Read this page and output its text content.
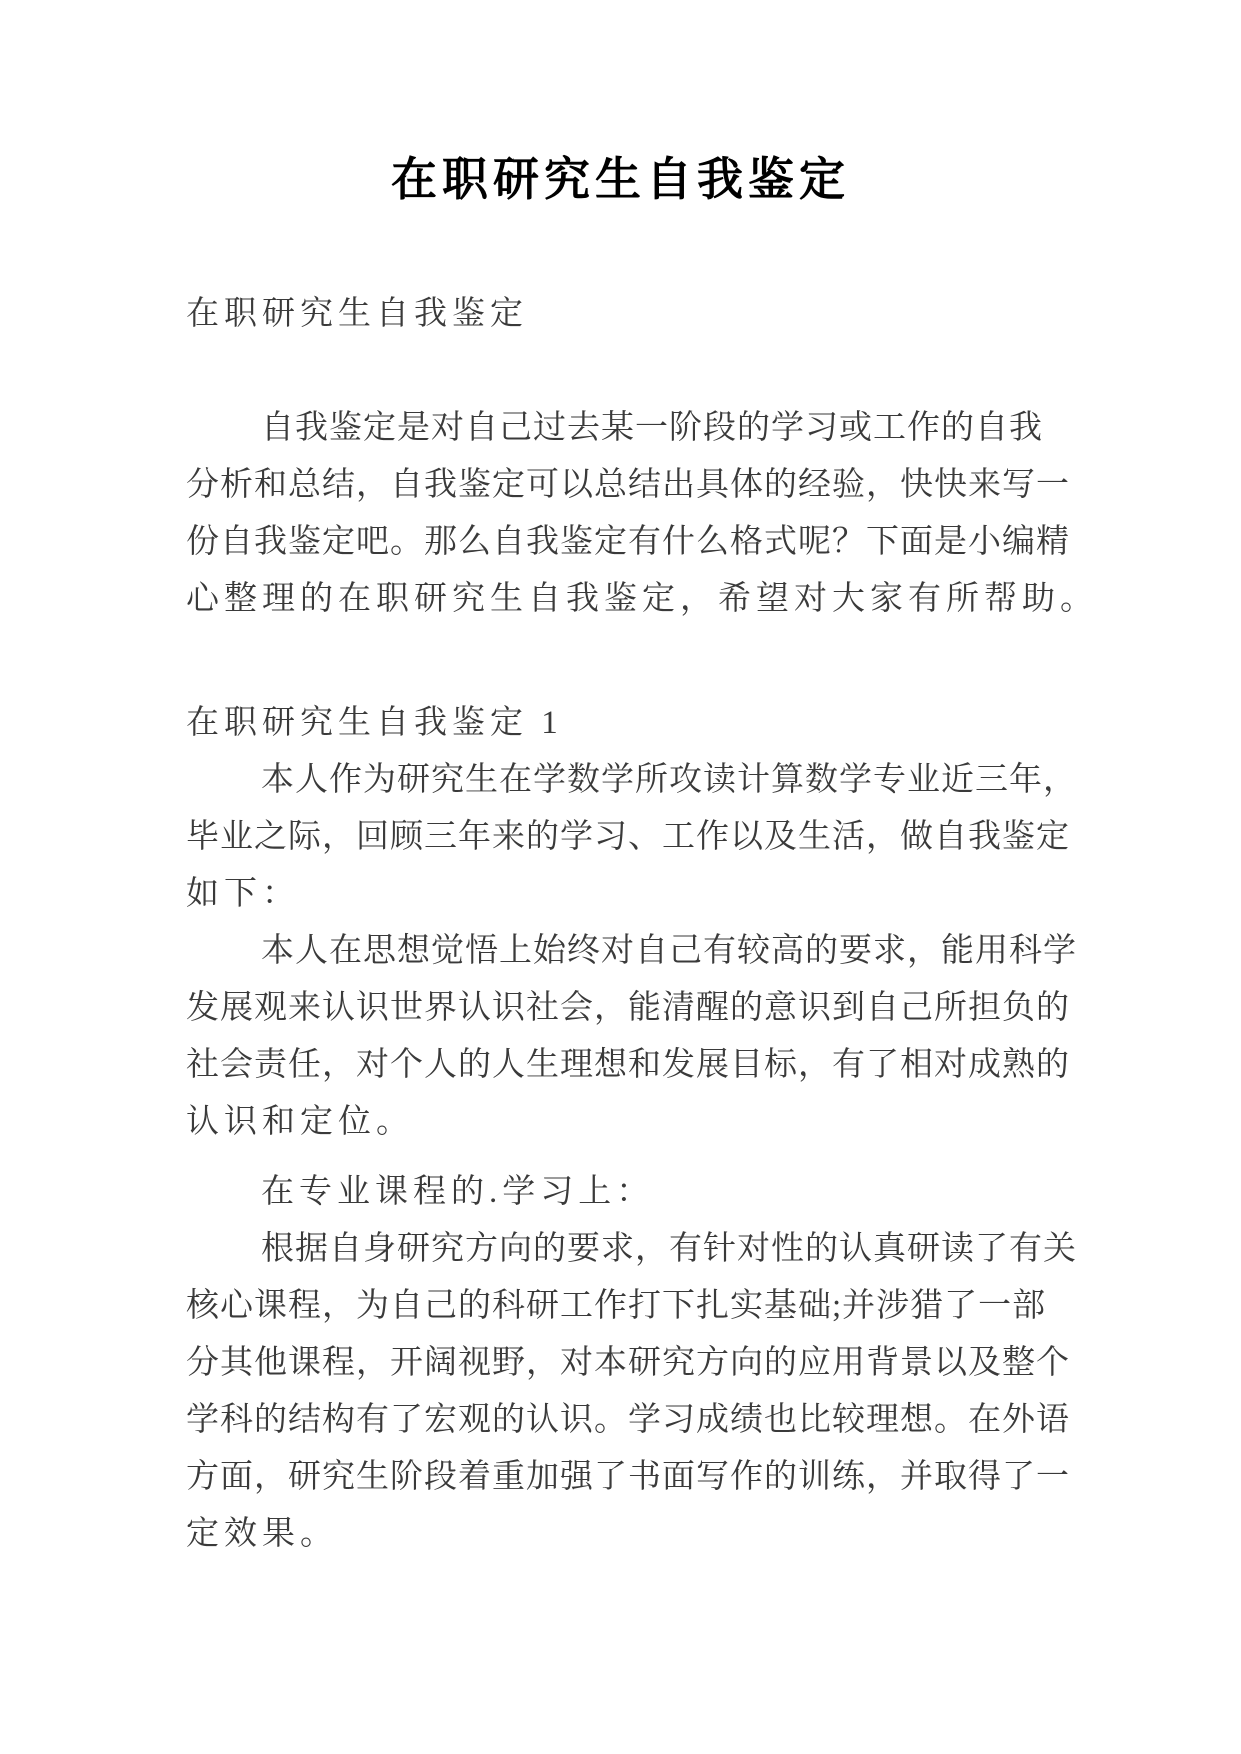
在职研究生自我鉴定
在职研究生自我鉴定
自我鉴定是对自己过去某一阶段的学习或工作的自我
分析和总结，自我鉴定可以总结出具体的经验，快快来写一
份自我鉴定吧。那么自我鉴定有什么格式呢？下面是小编精
心整理的在职研究生自我鉴定，希望对大家有所帮助。
在职研究生自我鉴定 1
本人作为研究生在学数学所攻读计算数学专业近三年，
毕业之际，回顾三年来的学习、工作以及生活，做自我鉴定
如下：
本人在思想觉悟上始终对自己有较高的要求，能用科学
发展观来认识世界认识社会，能清醒的意识到自己所担负的
社会责任，对个人的人生理想和发展目标，有了相对成熟的
认识和定位。
在专业课程的.学习上：
根据自身研究方向的要求，有针对性的认真研读了有关
核心课程，为自己的科研工作打下扎实基础;并涉猎了一部
分其他课程，开阔视野，对本研究方向的应用背景以及整个
学科的结构有了宏观的认识。学习成绩也比较理想。在外语
方面，研究生阶段着重加强了书面写作的训练，并取得了一
定效果。
